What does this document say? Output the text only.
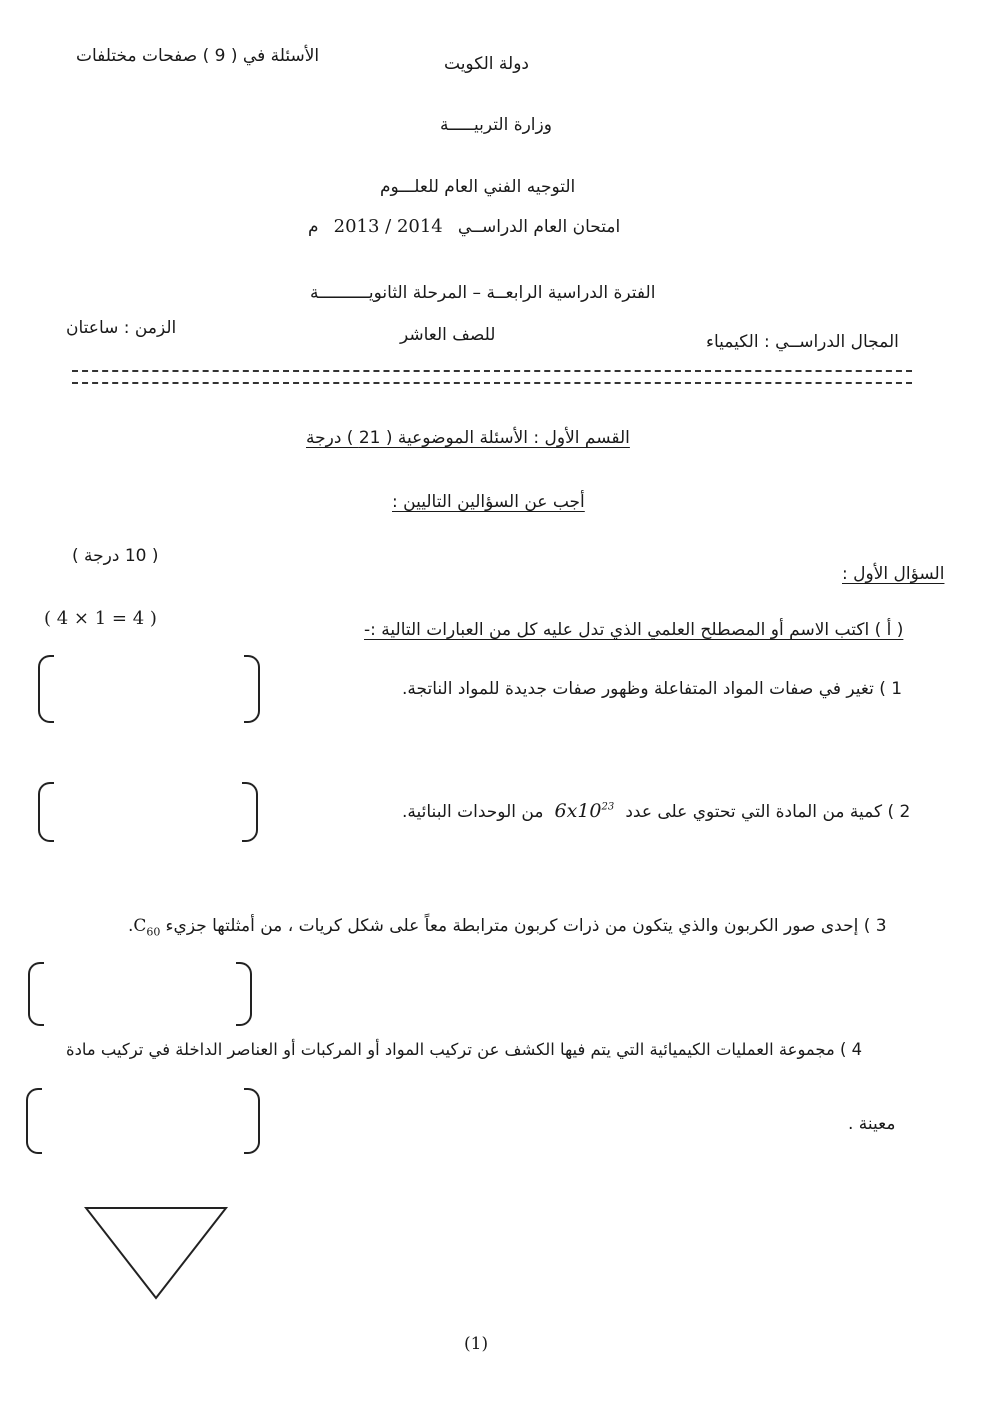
دولة الكويت
الأسئلة في ( 9 ) صفحات مختلفات
وزارة التربيـــــة
التوجيه الفني العام للعلـــوم
امتحان العام الدراســي 2013 / 2014 م
الفترة الدراسية الرابعــة – المرحلة الثانويــــــــــة
المجال الدراســي : الكيمياء
للصف العاشر
الزمن : ساعتان
القسم الأول : الأسئلة الموضوعية ( 21 ) درجة
أجب عن السؤالين التاليين :
( 10 درجة )
السؤال الأول :
( أ ) اكتب الاسم أو المصطلح العلمي الذي تدل عليه كل من العبارات التالية :-
( 4 × 1 = 4 )
1 ) تغير في صفات المواد المتفاعلة وظهور صفات جديدة للمواد الناتجة.
2 ) كمية من المادة التي تحتوي على عدد $6x10^{23}$ من الوحدات البنائية.
3 ) إحدى صور الكربون والذي يتكون من ذرات كربون مترابطة معاً على شكل كريات ، من أمثلتها جزيء $C_{60}$.
4 ) مجموعة العمليات الكيميائية التي يتم فيها الكشف عن تركيب المواد أو المركبات أو العناصر الداخلة في تركيب مادة
معينة .
(1)
